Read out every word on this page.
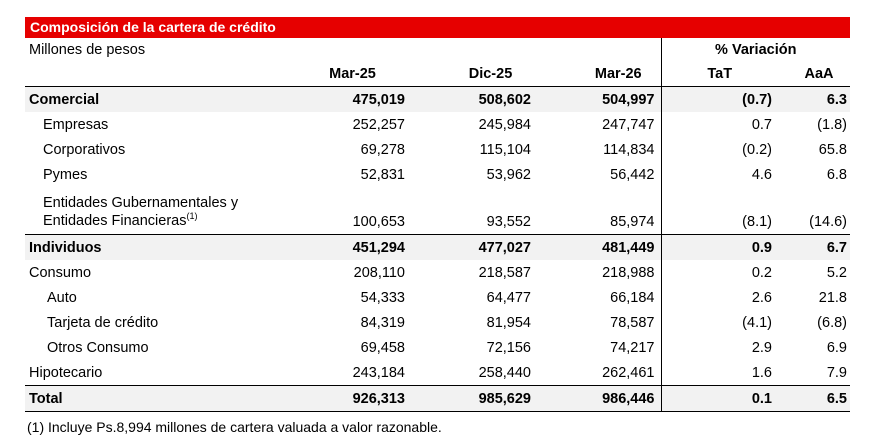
Composición de la cartera de crédito
Millones de pesos				% Variación	
	Mar-25	Dic-25	Mar-26	TaT	AaA
Comercial	475,019	508,602	504,997	(0.7)	6.3
Empresas	252,257	245,984	247,747	0.7	(1.8)
Corporativos	69,278	115,104	114,834	(0.2)	65.8
Pymes	52,831	53,962	56,442	4.6	6.8

Entidades Gubernamentales y
Entidades Financieras$^{(1)}$	100,653	93,552	85,974	(8.1)	(14.6)
Individuos	451,294	477,027	481,449	0.9	6.7
Consumo	208,110	218,587	218,988	0.2	5.2
Auto	54,333	64,477	66,184	2.6	21.8
Tarjeta de crédito	84,319	81,954	78,587	(4.1)	(6.8)
Otros Consumo	69,458	72,156	74,217	2.9	6.9
Hipotecario	243,184	258,440	262,461	1.6	7.9
Total	926,313	985,629	986,446	0.1	6.5
(1) Incluye Ps.8,994 millones de cartera valuada a valor razonable.
